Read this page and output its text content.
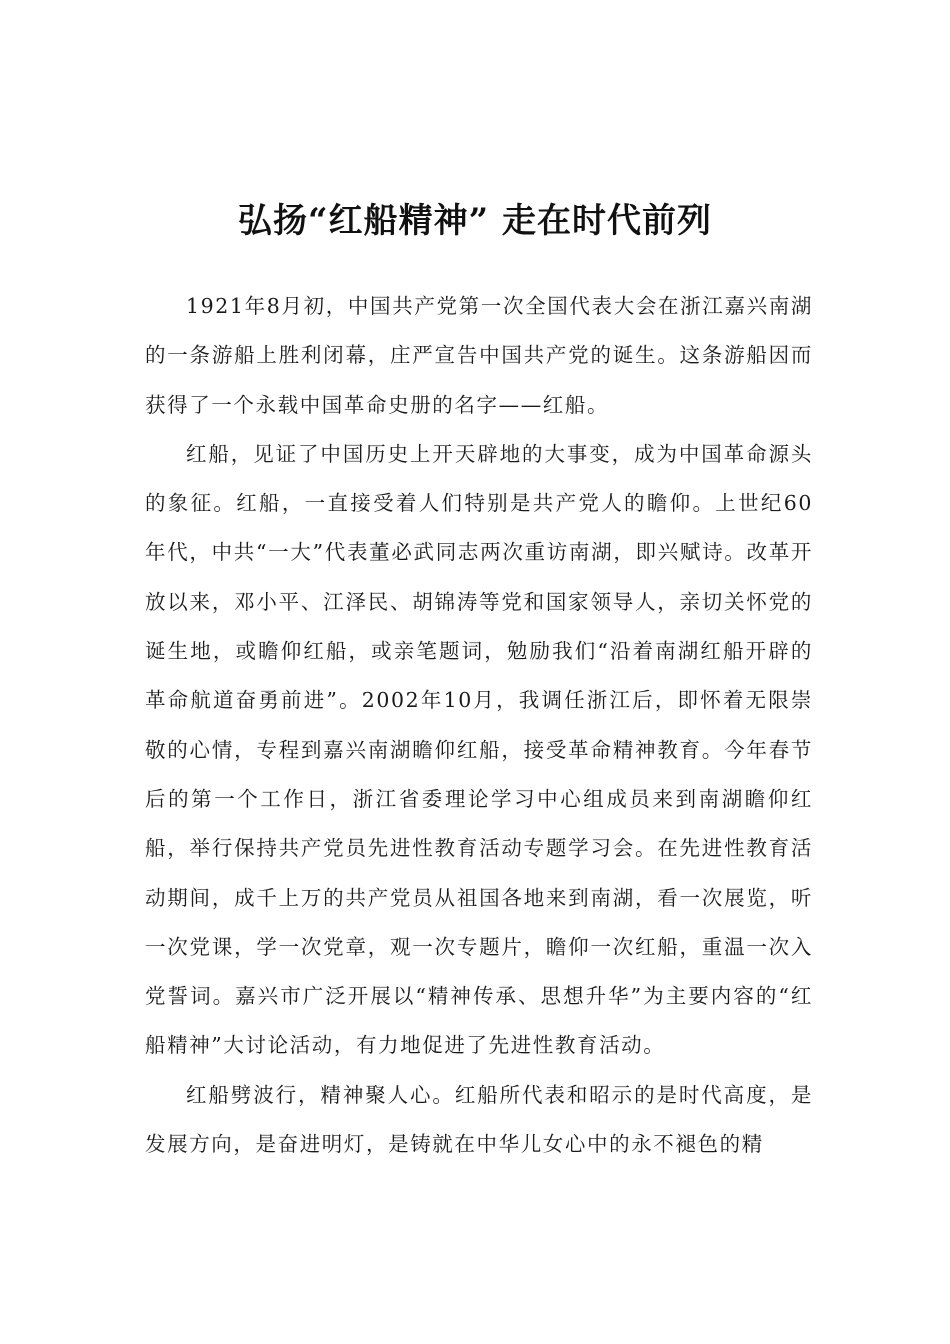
弘扬“红船精神” 走在时代前列

1921年8月初，中国共产党第一次全国代表大会在浙江嘉兴南湖的一条游船上胜利闭幕，庄严宣告中国共产党的诞生。这条游船因而获得了一个永载中国革命史册的名字——红船。

红船，见证了中国历史上开天辟地的大事变，成为中国革命源头的象征。红船，一直接受着人们特别是共产党人的瞻仰。上世纪60年代，中共“一大”代表董必武同志两次重访南湖，即兴赋诗。改革开放以来，邓小平、江泽民、胡锦涛等党和国家领导人，亲切关怀党的诞生地，或瞻仰红船，或亲笔题词，勉励我们“沿着南湖红船开辟的革命航道奋勇前进”。2002年10月，我调任浙江后，即怀着无限崇敬的心情，专程到嘉兴南湖瞻仰红船，接受革命精神教育。今年春节后的第一个工作日，浙江省委理论学习中心组成员来到南湖瞻仰红船，举行保持共产党员先进性教育活动专题学习会。在先进性教育活动期间，成千上万的共产党员从祖国各地来到南湖，看一次展览，听一次党课，学一次党章，观一次专题片，瞻仰一次红船，重温一次入党誓词。嘉兴市广泛开展以“精神传承、思想升华”为主要内容的“红船精神”大讨论活动，有力地促进了先进性教育活动。

红船劈波行，精神聚人心。红船所代表和昭示的是时代高度，是发展方向，是奋进明灯，是铸就在中华儿女心中的永不褪色的精
